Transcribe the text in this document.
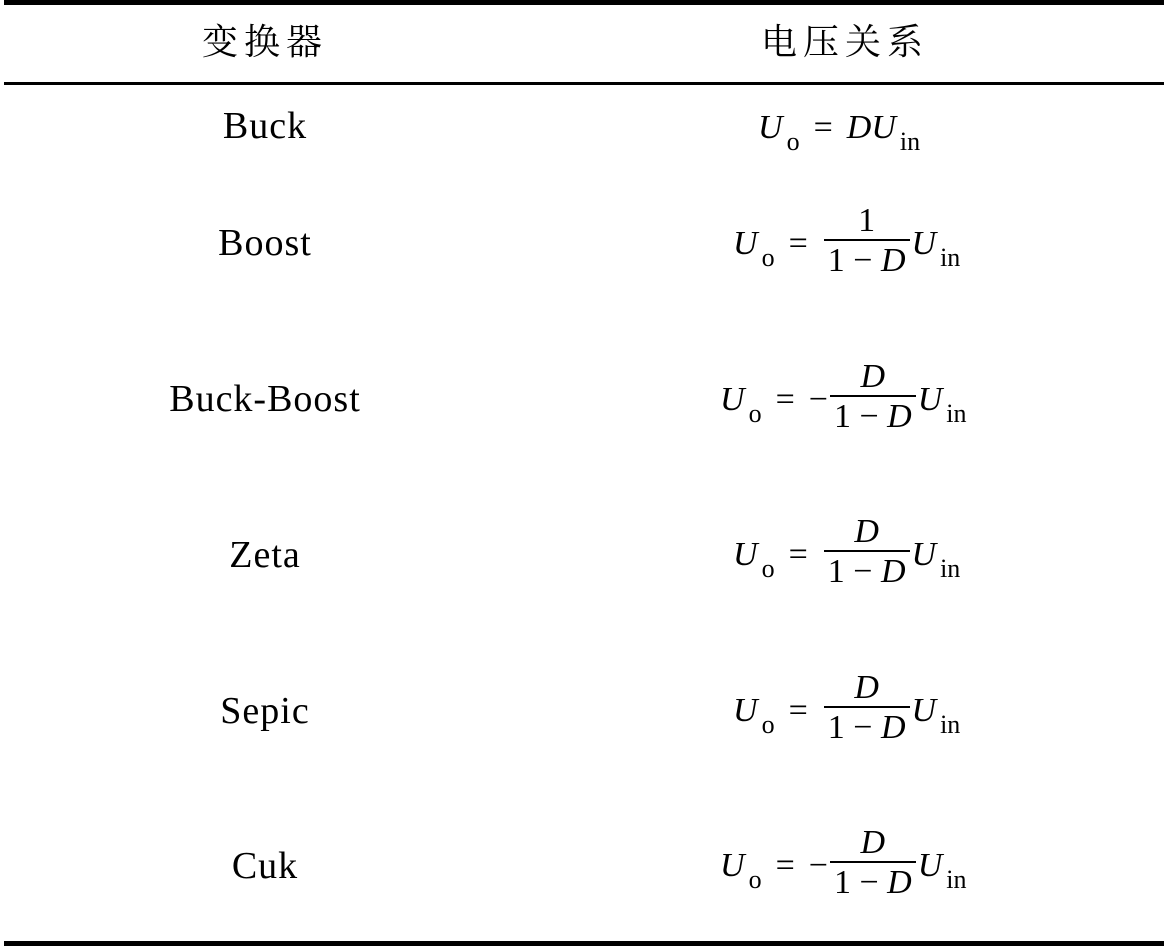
变换器	电压关系
Buck	U $_o$ = DU $_{in}$
Boost	U $_o = \frac{1}{1 - D}$ U $_{in}$
Buck-Boost	U $_o$ = − $\frac{D}{1 - D}$ U $_{in}$
Zeta	U $_o = \frac{D}{1 - D}$ U $_{in}$
Sepic	U $_o = \frac{D}{1 - D}$ U $_{in}$
Cuk	U $_o$ = − $\frac{D}{1 - D}$ U $_{in}$
